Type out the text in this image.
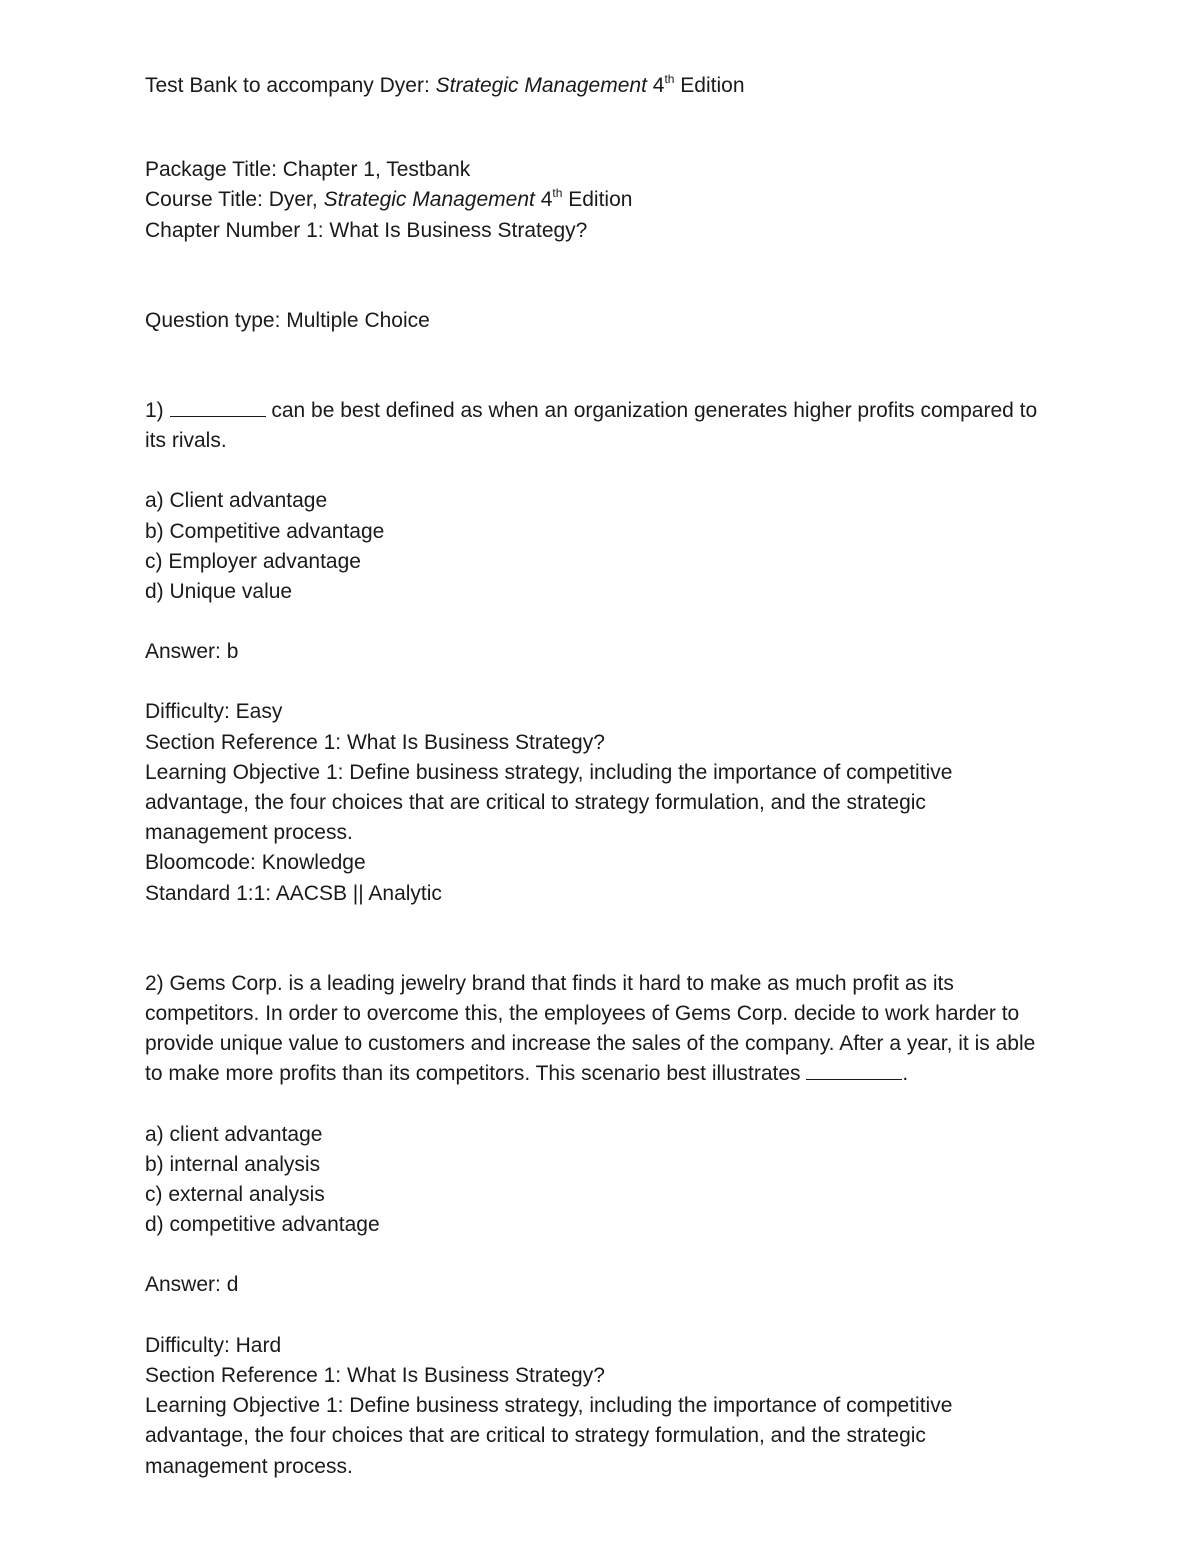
Test Bank to accompany Dyer: Strategic Management 4th Edition
Package Title: Chapter 1, Testbank
Course Title: Dyer, Strategic Management 4th Edition
Chapter Number 1: What Is Business Strategy?
Question type: Multiple Choice
1)	can be best defined as when an organization generates higher profits compared to its rivals.
a) Client advantage
b) Competitive advantage
c) Employer advantage
d) Unique value
Answer: b
Difficulty: Easy
Section Reference 1: What Is Business Strategy?
Learning Objective 1: Define business strategy, including the importance of competitive advantage, the four choices that are critical to strategy formulation, and the strategic management process.
Bloomcode: Knowledge
Standard 1:1: AACSB || Analytic
2) Gems Corp. is a leading jewelry brand that finds it hard to make as much profit as its competitors. In order to overcome this, the employees of Gems Corp. decide to work harder to provide unique value to customers and increase the sales of the company. After a year, it is able to make more profits than its competitors. This scenario best illustrates	.
a) client advantage
b) internal analysis
c) external analysis
d) competitive advantage
Answer: d
Difficulty: Hard
Section Reference 1: What Is Business Strategy?
Learning Objective 1: Define business strategy, including the importance of competitive advantage, the four choices that are critical to strategy formulation, and the strategic management process.
